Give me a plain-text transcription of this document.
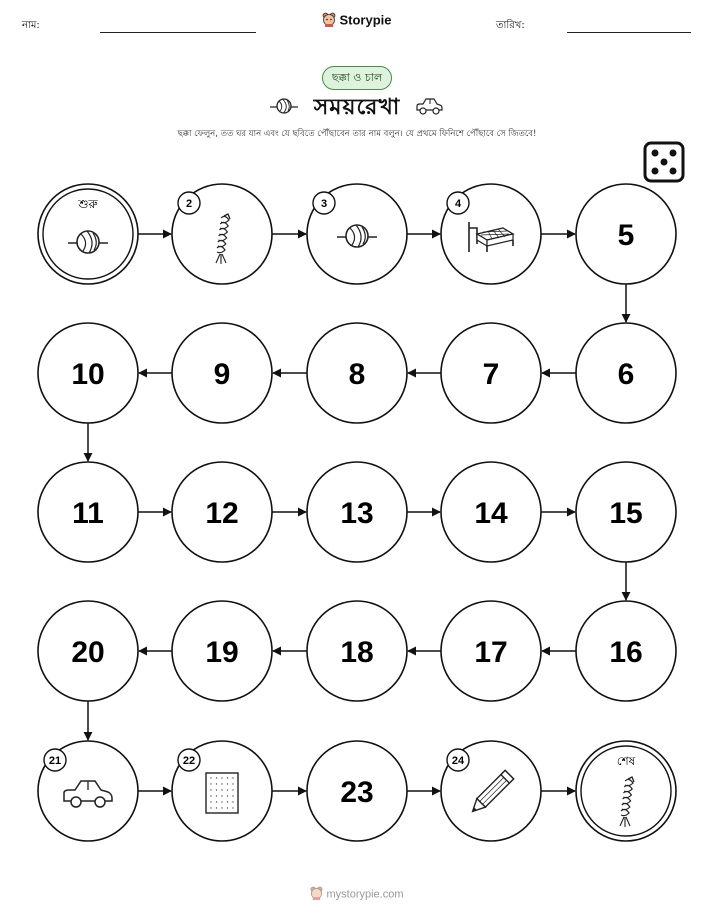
নাম:	Storypie	তারিখ:
ছক্কা ও চাল
সময়রেখা
ছক্কা ফেলুন, তত ঘর যান এবং যে ছবিতে পৌঁছাবেন তার নাম বলুন। যে প্রথমে ফিনিশে পৌঁছাবে সে জিতবে!
শুরু	2	3	4
5
6
7
8
9
10
11	12	13	14	15
16
17
18
19
20
21	22
23
24	শেষ
mystorypie.com
